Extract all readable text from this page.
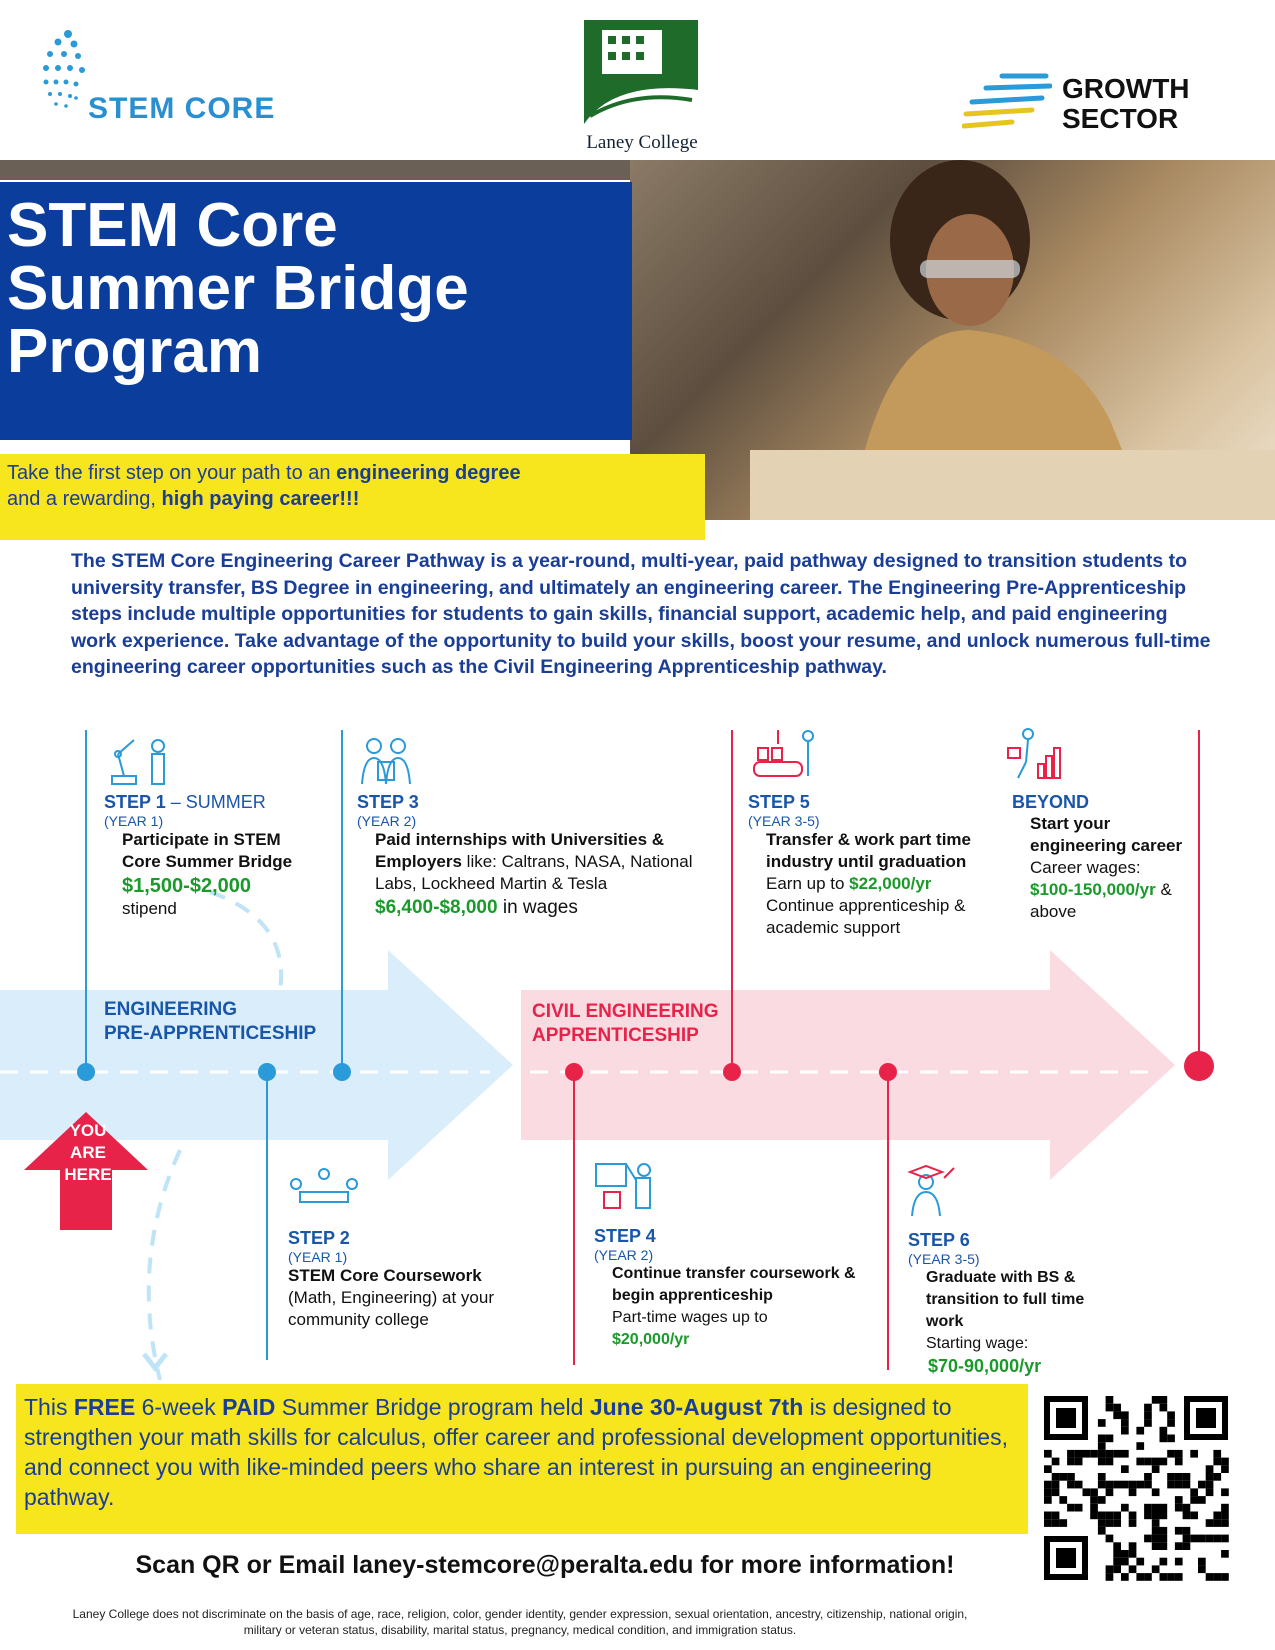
STEM CORE
Laney College
GROWTH
SECTOR
STEM Core
Summer Bridge
Program
Take the first step on your path to an engineering degree
and a rewarding, high paying career!!!
The STEM Core Engineering Career Pathway is a year-round, multi-year, paid pathway designed to transition students to university transfer, BS Degree in engineering, and ultimately an engineering career. The Engineering Pre-Apprenticeship steps include multiple opportunities for students to gain skills, financial support, academic help, and paid engineering work experience. Take advantage of the opportunity to build your skills, boost your resume, and unlock numerous full-time engineering career opportunities such as the Civil Engineering Apprenticeship pathway.
ENGINEERING
PRE-APPRENTICESHIP
CIVIL ENGINEERING
APPRENTICESHIP
YOU
ARE
HERE
STEP 1 – SUMMER
(YEAR 1)
Participate in STEM Core Summer Bridge
$1,500-$2,000
stipend
STEP 3
(YEAR 2)
Paid internships with Universities & Employers like: Caltrans, NASA, National Labs, Lockheed Martin & Tesla
$6,400-$8,000 in wages
STEP 5
(YEAR 3-5)
Transfer & work part time industry until graduation
Earn up to $22,000/yr
Continue apprenticeship & academic support
BEYOND
Start your engineering career
Career wages:
$100-150,000/yr &
above
STEP 2
(YEAR 1)
STEM Core Coursework
(Math, Engineering) at your community college
STEP 4
(YEAR 2)
Continue transfer coursework & begin apprenticeship
Part-time wages up to
$20,000/yr
STEP 6
(YEAR 3-5)
Graduate with BS & transition to full time work
Starting wage:
$70-90,000/yr
This FREE 6-week PAID Summer Bridge program held June 30-August 7th is designed to strengthen your math skills for calculus, offer career and professional development opportunities, and connect you with like-minded peers who share an interest in pursuing an engineering pathway.
Scan QR or Email laney-stemcore@peralta.edu for more information!
Laney College does not discriminate on the basis of age, race, religion, color, gender identity, gender expression, sexual orientation, ancestry, citizenship, national origin,
military or veteran status, disability, marital status, pregnancy, medical condition, and immigration status.
